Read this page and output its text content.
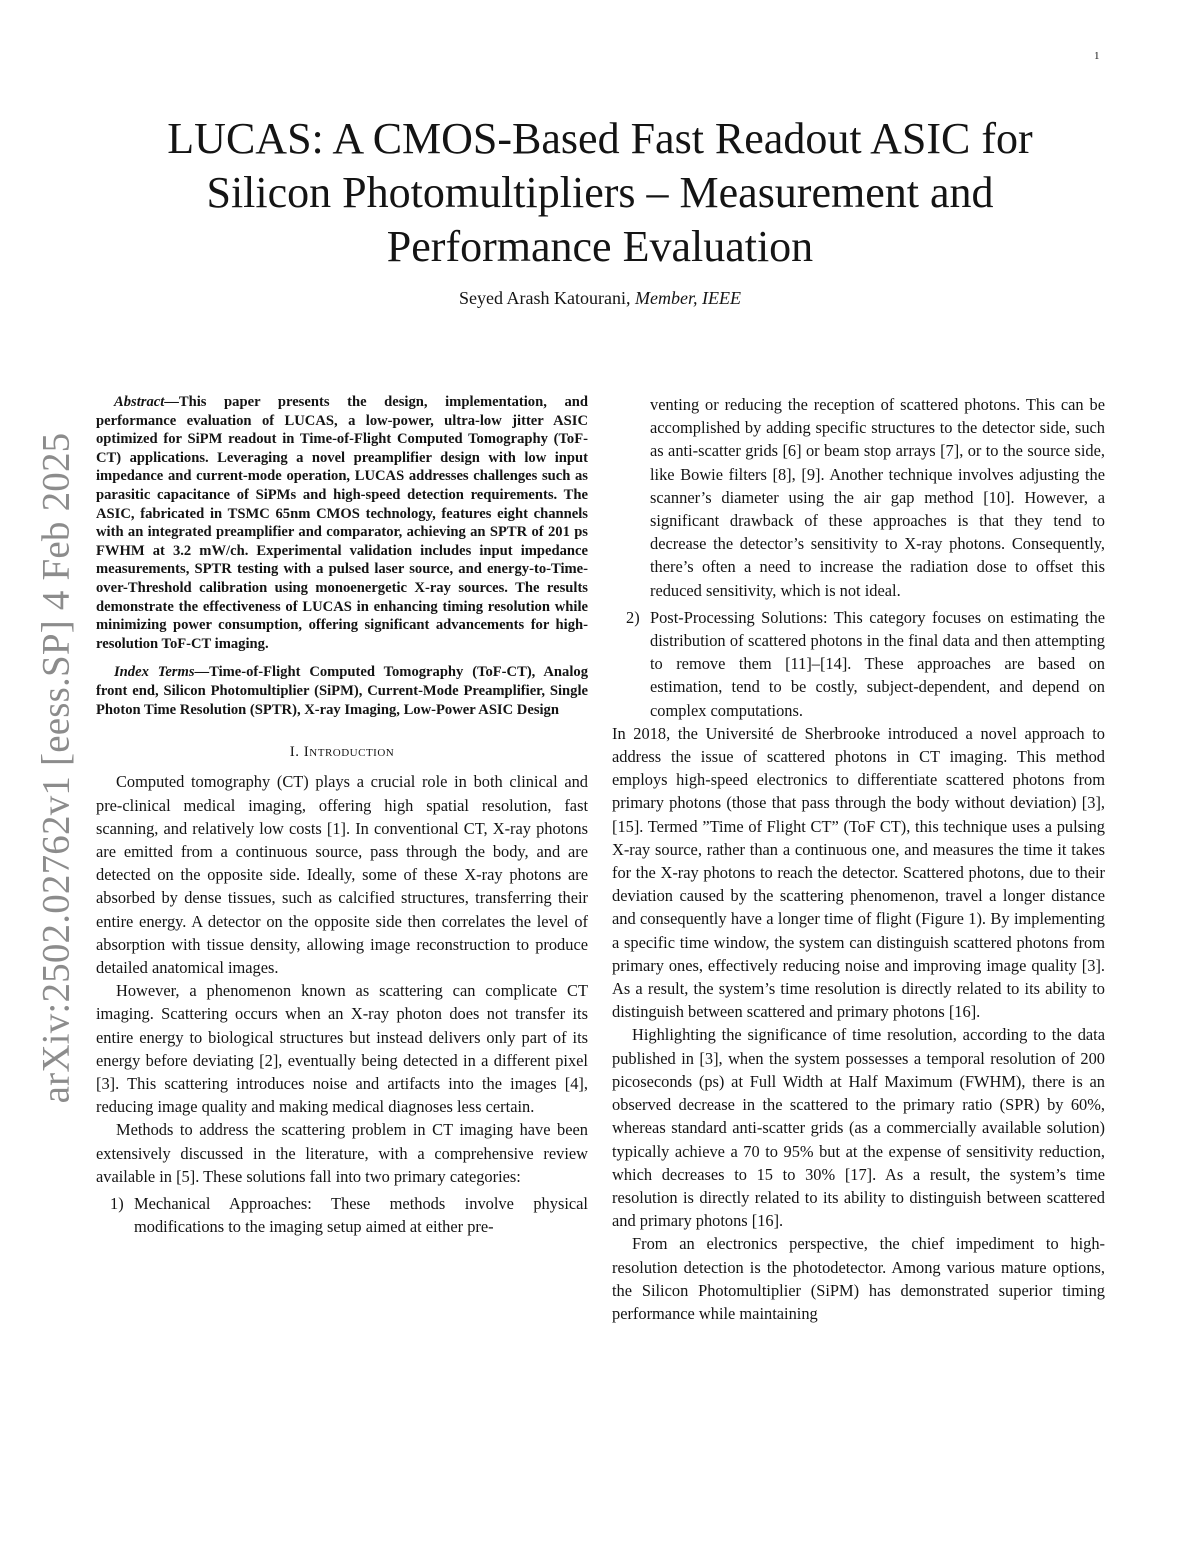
1
arXiv:2502.02762v1 [eess.SP] 4 Feb 2025
LUCAS: A CMOS-Based Fast Readout ASIC for Silicon Photomultipliers – Measurement and Performance Evaluation
Seyed Arash Katourani, Member, IEEE

Abstract—This paper presents the design, implementation, and performance evaluation of LUCAS, a low-power, ultra-low jitter ASIC optimized for SiPM readout in Time-of-Flight Computed Tomography (ToF-CT) applications. Leveraging a novel preamplifier design with low input impedance and current-mode operation, LUCAS addresses challenges such as parasitic capacitance of SiPMs and high-speed detection requirements. The ASIC, fabricated in TSMC 65nm CMOS technology, features eight channels with an integrated preamplifier and comparator, achieving an SPTR of 201 ps FWHM at 3.2 mW/ch. Experimental validation includes input impedance measurements, SPTR testing with a pulsed laser source, and energy-to-Time-over-Threshold calibration using monoenergetic X-ray sources. The results demonstrate the effectiveness of LUCAS in enhancing timing resolution while minimizing power consumption, offering significant advancements for high-resolution ToF-CT imaging.

Index Terms—Time-of-Flight Computed Tomography (ToF-CT), Analog front end, Silicon Photomultiplier (SiPM), Current-Mode Preamplifier, Single Photon Time Resolution (SPTR), X-ray Imaging, Low-Power ASIC Design

I. Introduction

Computed tomography (CT) plays a crucial role in both clinical and pre-clinical medical imaging, offering high spatial resolution, fast scanning, and relatively low costs [1]. In conventional CT, X-ray photons are emitted from a continuous source, pass through the body, and are detected on the opposite side. Ideally, some of these X-ray photons are absorbed by dense tissues, such as calcified structures, transferring their entire energy. A detector on the opposite side then correlates the level of absorption with tissue density, allowing image reconstruction to produce detailed anatomical images.

However, a phenomenon known as scattering can complicate CT imaging. Scattering occurs when an X-ray photon does not transfer its entire energy to biological structures but instead delivers only part of its energy before deviating [2], eventually being detected in a different pixel [3]. This scattering introduces noise and artifacts into the images [4], reducing image quality and making medical diagnoses less certain.

Methods to address the scattering problem in CT imaging have been extensively discussed in the literature, with a comprehensive review available in [5]. These solutions fall into two primary categories:

1) Mechanical Approaches: These methods involve physical modifications to the imaging setup aimed at either pre-

venting or reducing the reception of scattered photons. This can be accomplished by adding specific structures to the detector side, such as anti-scatter grids [6] or beam stop arrays [7], or to the source side, like Bowie filters [8], [9]. Another technique involves adjusting the scanner’s diameter using the air gap method [10]. However, a significant drawback of these approaches is that they tend to decrease the detector’s sensitivity to X-ray photons. Consequently, there’s often a need to increase the radiation dose to offset this reduced sensitivity, which is not ideal.

2) Post-Processing Solutions: This category focuses on estimating the distribution of scattered photons in the final data and then attempting to remove them [11]–[14]. These approaches are based on estimation, tend to be costly, subject-dependent, and depend on complex computations.

In 2018, the Université de Sherbrooke introduced a novel approach to address the issue of scattered photons in CT imaging. This method employs high-speed electronics to differentiate scattered photons from primary photons (those that pass through the body without deviation) [3], [15]. Termed ”Time of Flight CT” (ToF CT), this technique uses a pulsing X-ray source, rather than a continuous one, and measures the time it takes for the X-ray photons to reach the detector. Scattered photons, due to their deviation caused by the scattering phenomenon, travel a longer distance and consequently have a longer time of flight (Figure 1). By implementing a specific time window, the system can distinguish scattered photons from primary ones, effectively reducing noise and improving image quality [3]. As a result, the system’s time resolution is directly related to its ability to distinguish between scattered and primary photons [16].

Highlighting the significance of time resolution, according to the data published in [3], when the system possesses a temporal resolution of 200 picoseconds (ps) at Full Width at Half Maximum (FWHM), there is an observed decrease in the scattered to the primary ratio (SPR) by 60%, whereas standard anti-scatter grids (as a commercially available solution) typically achieve a 70 to 95% but at the expense of sensitivity reduction, which decreases to 15 to 30% [17]. As a result, the system’s time resolution is directly related to its ability to distinguish between scattered and primary photons [16].

From an electronics perspective, the chief impediment to high-resolution detection is the photodetector. Among various mature options, the Silicon Photomultiplier (SiPM) has demonstrated superior timing performance while maintaining
